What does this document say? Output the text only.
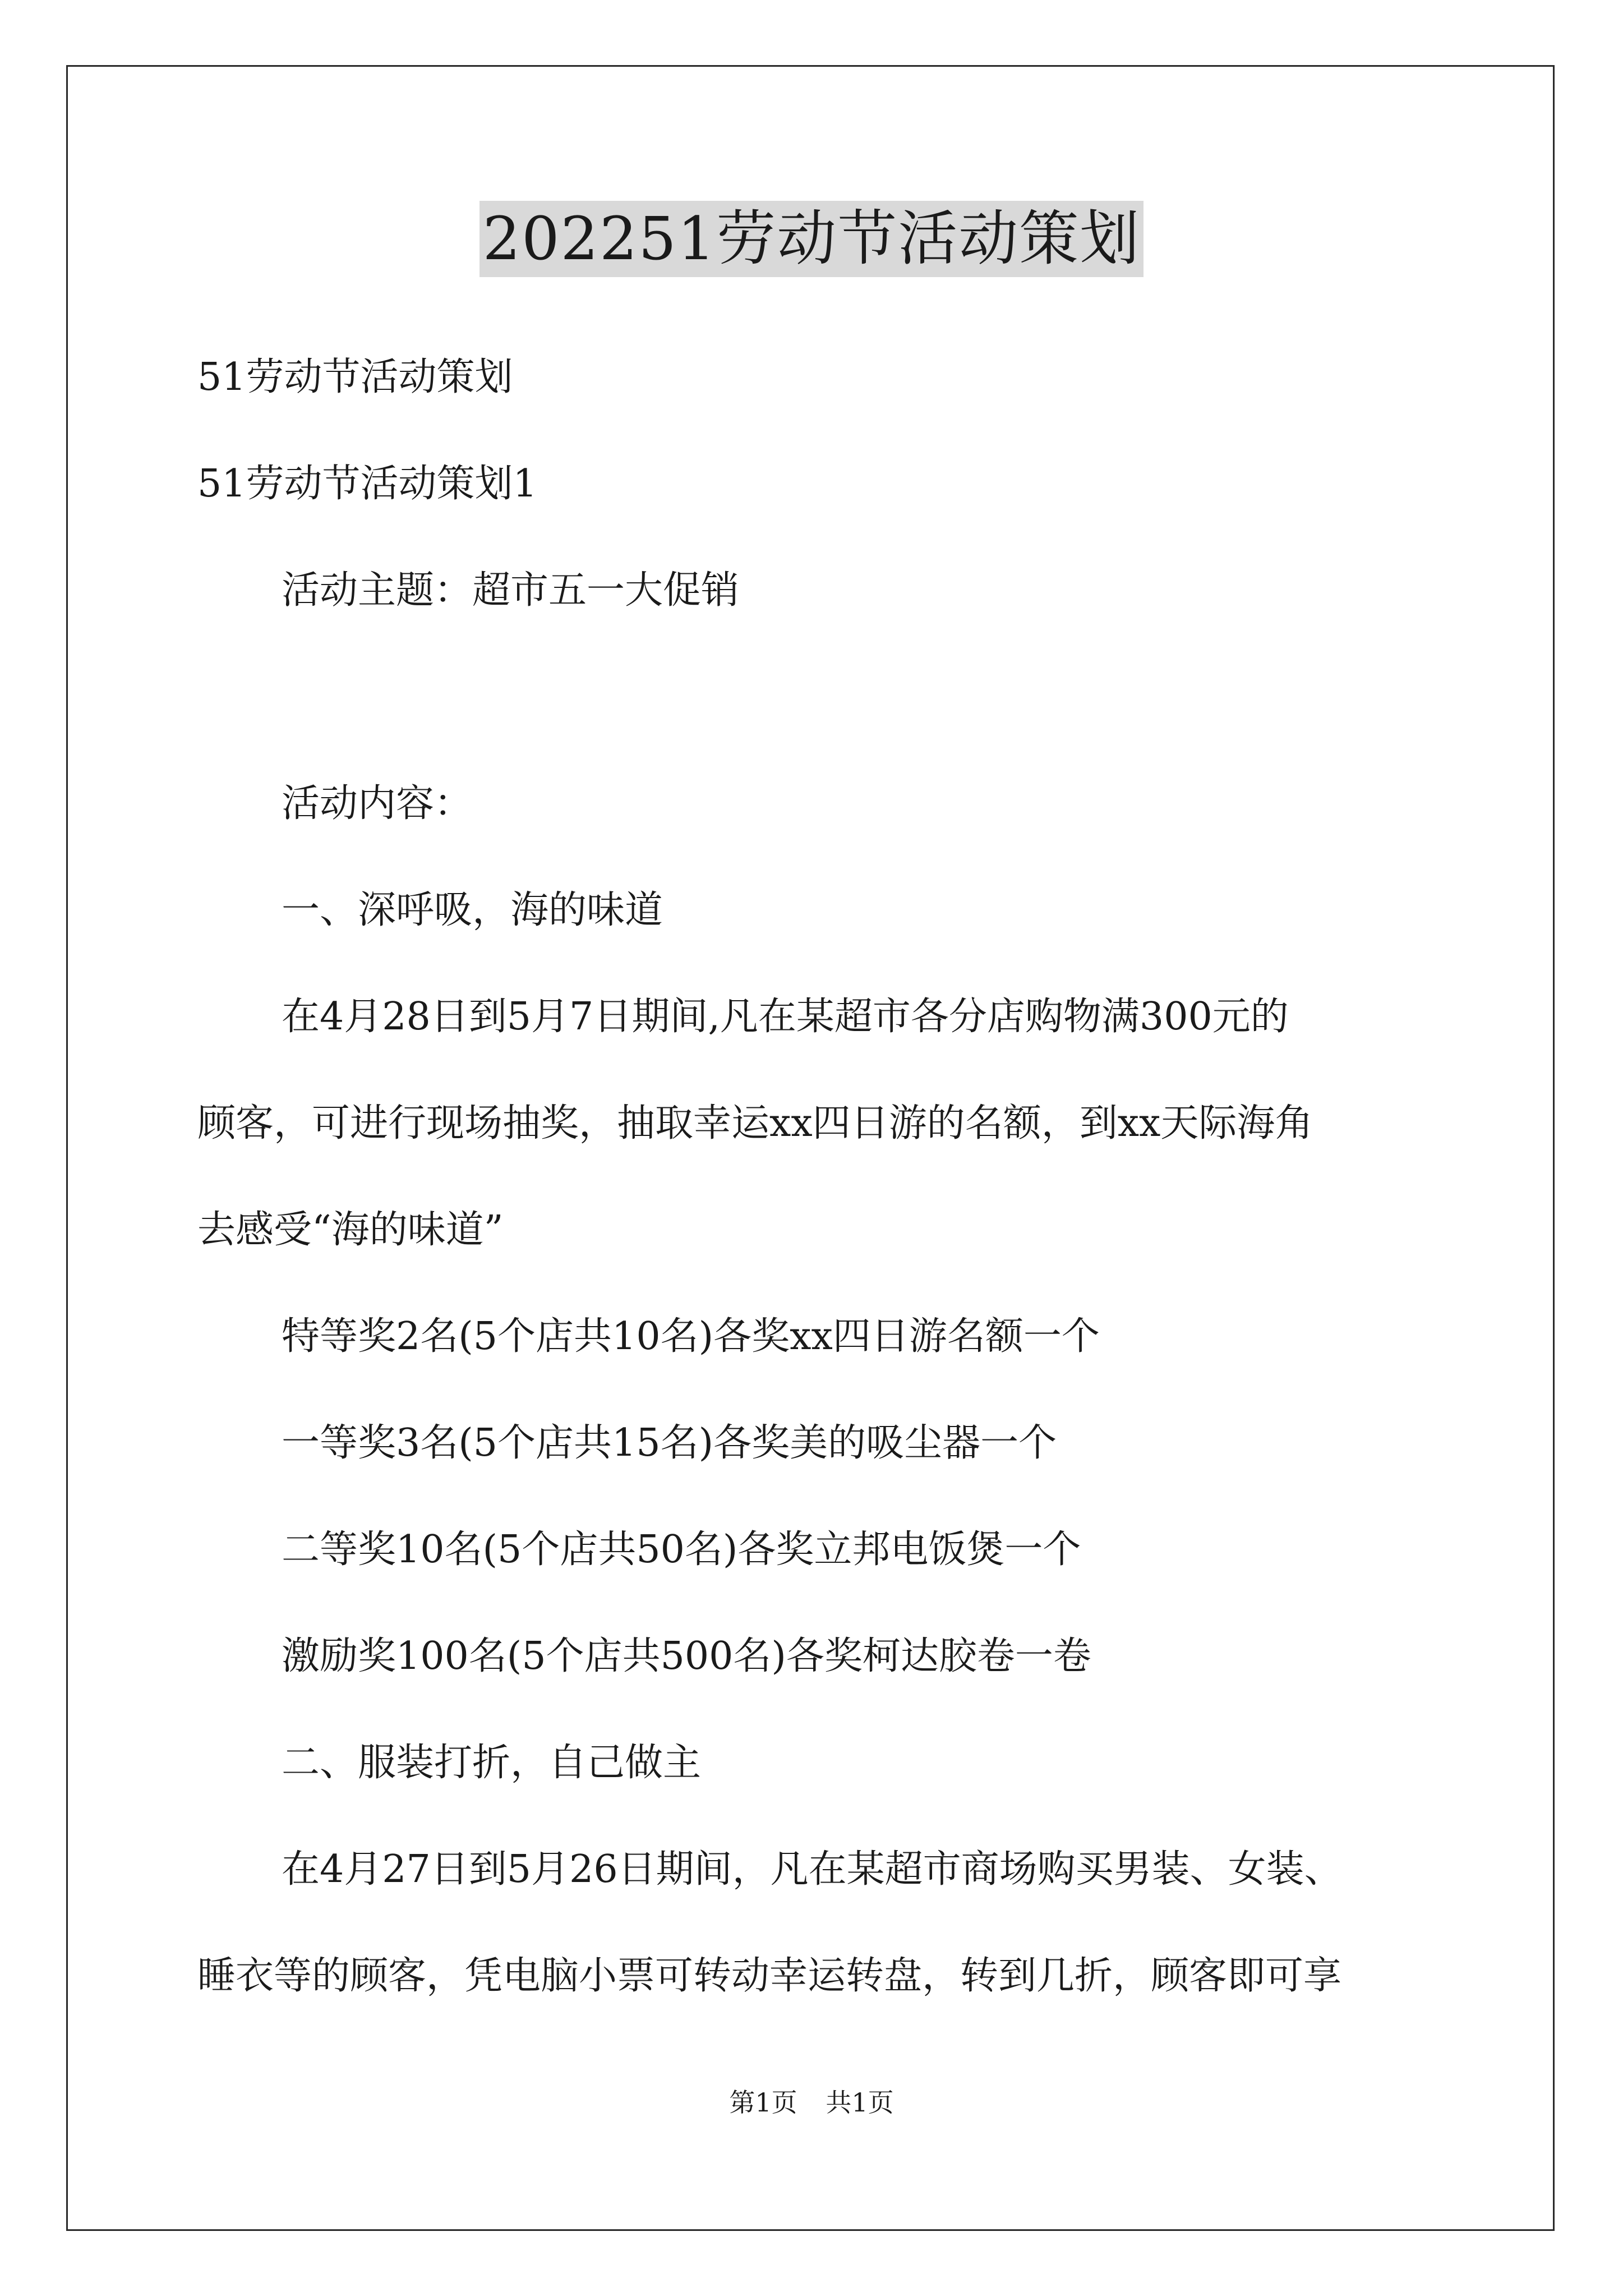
202251劳动节活动策划

51劳动节活动策划

51劳动节活动策划1

活动主题：超市五一大促销

活动内容：

一、深呼吸，海的味道

在4月28日到5月7日期间,凡在某超市各分店购物满300元的

顾客，可进行现场抽奖，抽取幸运xx四日游的名额，到xx天际海角

去感受“海的味道”

特等奖2名(5个店共10名)各奖xx四日游名额一个

一等奖3名(5个店共15名)各奖美的吸尘器一个

二等奖10名(5个店共50名)各奖立邦电饭煲一个

激励奖100名(5个店共500名)各奖柯达胶卷一卷

二、服装打折，自己做主

在4月27日到5月26日期间，凡在某超市商场购买男装、女装、

睡衣等的顾客，凭电脑小票可转动幸运转盘，转到几折，顾客即可享

第1页 共1页
